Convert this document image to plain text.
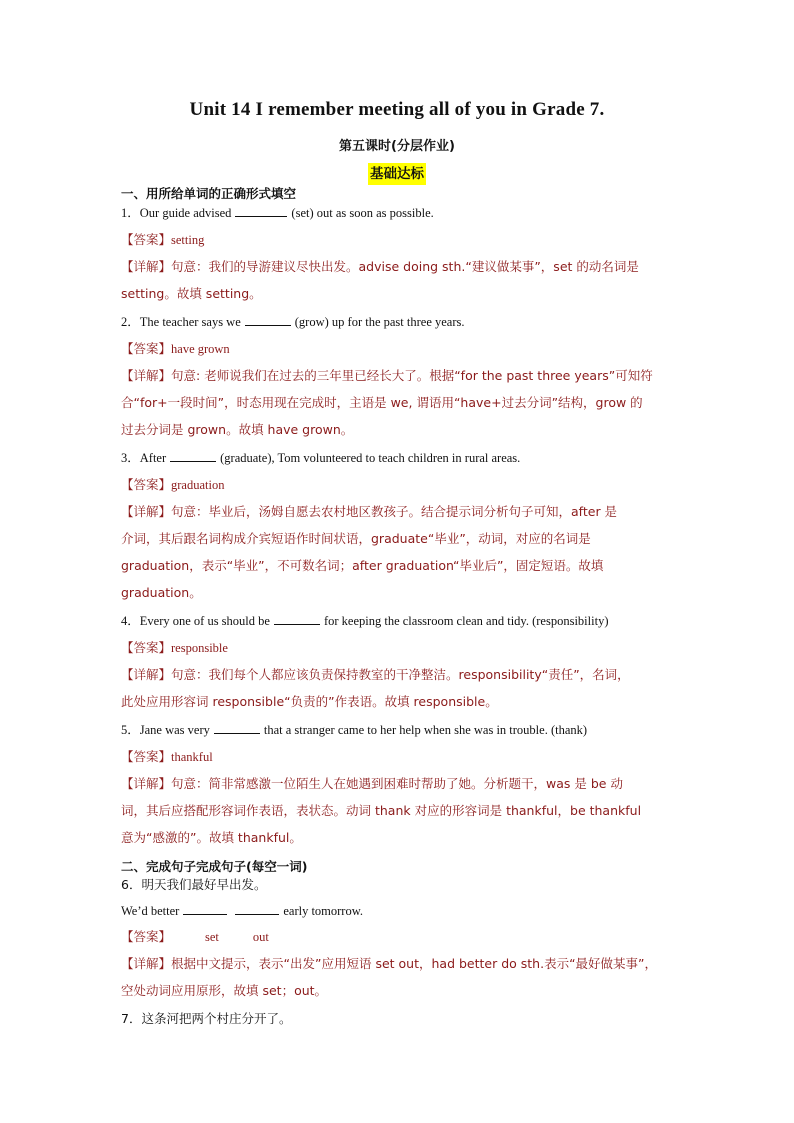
Unit 14 I remember meeting all of you in Grade 7.
第五课时(分层作业)
基础达标
一、用所给单词的正确形式填空
1．Our guide advised	(set) out as soon as possible.
【答案】setting
【详解】句意：我们的导游建议尽快出发。advise doing sth.“建议做某事”，set 的动名词是
setting。故填 setting。
2．The teacher says we	(grow) up for the past three years.
【答案】have grown
【详解】句意: 老师说我们在过去的三年里已经长大了。根据“for the past three years”可知符
合“for+一段时间”，时态用现在完成时，主语是 we, 谓语用“have+过去分词”结构，grow 的
过去分词是 grown。故填 have grown。
3．After	(graduate), Tom volunteered to teach children in rural areas.
【答案】graduation
【详解】句意：毕业后，汤姆自愿去农村地区教孩子。结合提示词分析句子可知，after 是
介词，其后跟名词构成介宾短语作时间状语，graduate“毕业”，动词，对应的名词是
graduation，表示“毕业”，不可数名词；after graduation“毕业后”，固定短语。故填
graduation。
4．Every one of us should be	for keeping the classroom clean and tidy. (responsibility)
【答案】responsible
【详解】句意：我们每个人都应该负责保持教室的干净整洁。responsibility“责任”，名词，
此处应用形容词 responsible“负责的”作表语。故填 responsible。
5．Jane was very	that a stranger came to her help when she was in trouble. (thank)
【答案】thankful
【详解】句意：简非常感激一位陌生人在她遇到困难时帮助了她。分析题干，was 是 be 动
词，其后应搭配形容词作表语，表状态。动词 thank 对应的形容词是 thankful，be thankful
意为“感激的”。故填 thankful。
二、完成句子完成句子(每空一词)
6．明天我们最好早出发。
We’d better	early tomorrow.
【答案】	set	out
【详解】根据中文提示，表示“出发”应用短语 set out，had better do sth.表示“最好做某事”，
空处动词应用原形，故填 set；out。
7．这条河把两个村庄分开了。
